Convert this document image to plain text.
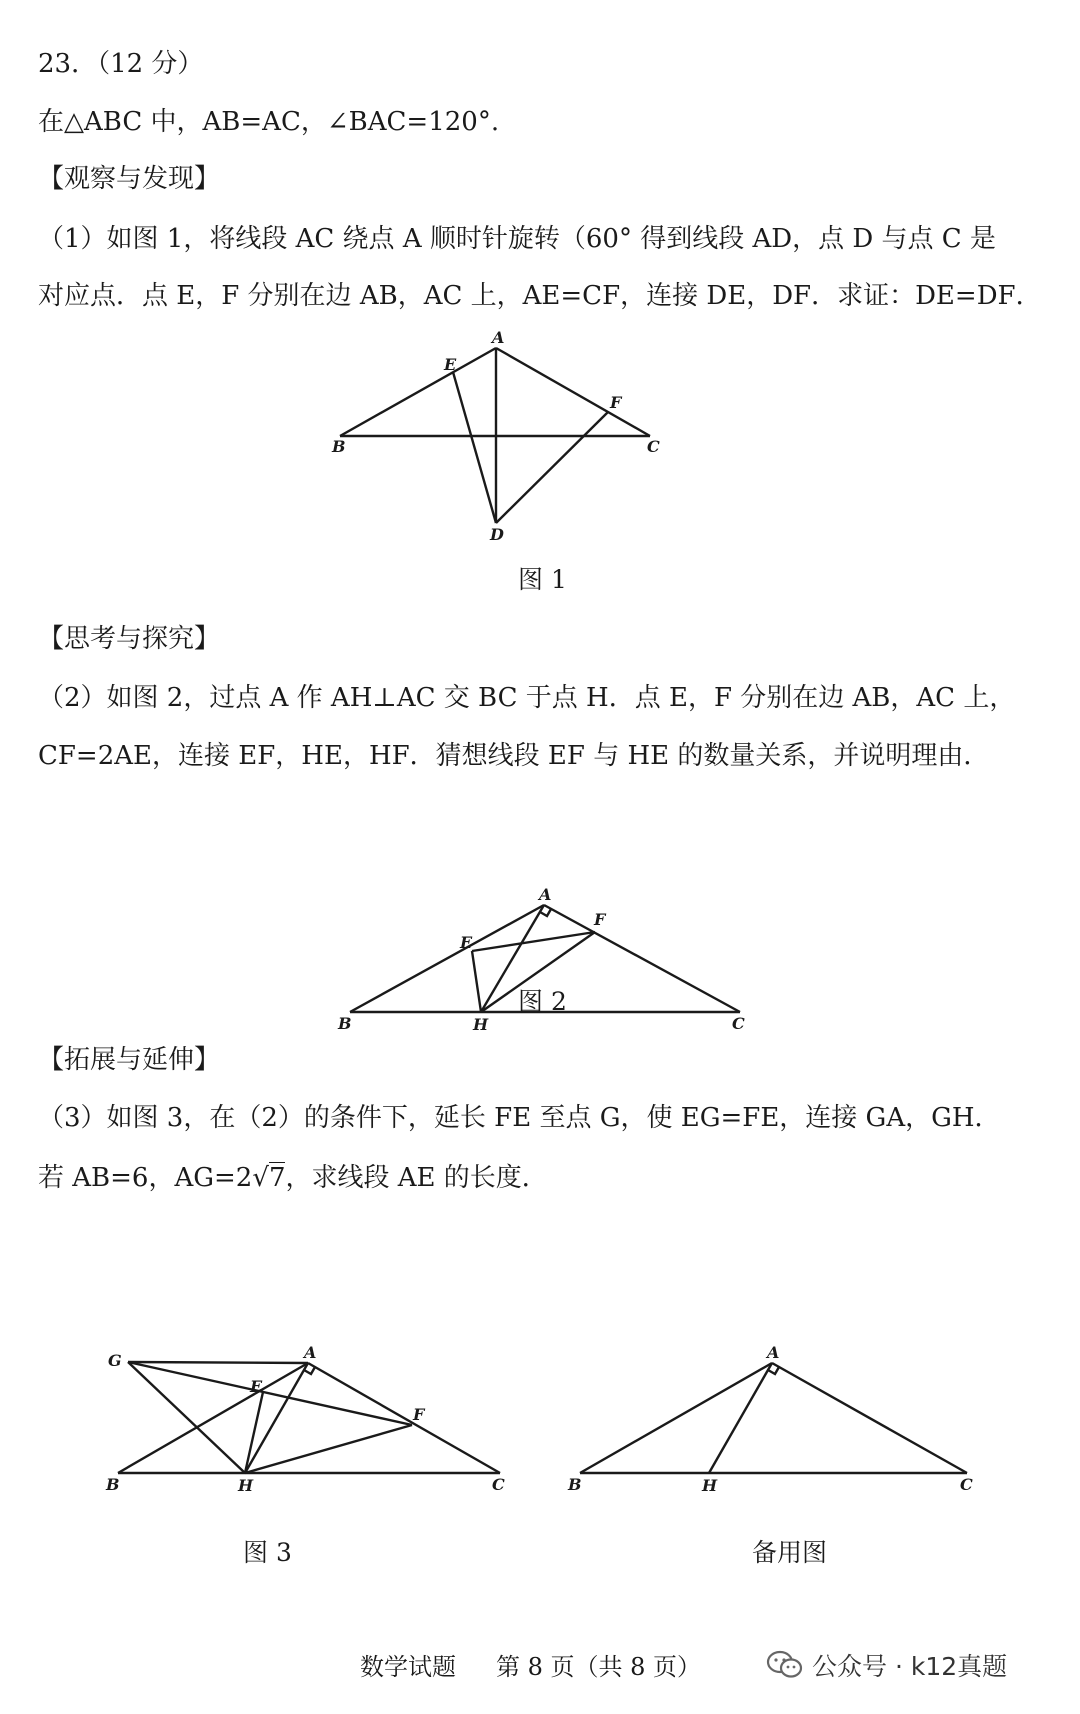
23．（12 分）
在△ABC 中，AB=AC，∠BAC=120°.
【观察与发现】
（1）如图 1，将线段 AC 绕点 A 顺时针旋转（60° 得到线段 AD，点 D 与点 C 是
对应点．点 E，F 分别在边 AB，AC 上，AE=CF，连接 DE，DF．求证：DE=DF．
A
B	C
D
E
F
图 1
【思考与探究】
（2）如图 2，过点 A 作 AH⊥AC 交 BC 于点 H．点 E，F 分别在边 AB，AC 上，
CF=2AE，连接 EF，HE，HF．猜想线段 EF 与 HE 的数量关系，并说明理由．
A
B	C
E
F
H
图 2
【拓展与延伸】
（3）如图 3，在（2）的条件下，延长 FE 至点 G，使 EG=FE，连接 GA，GH．
若 AB=6，AG=2√7，求线段 AE 的长度．
A
B	C
E
F
G
H
图 3
A
B	C
H
备用图
数学试题 第 8 页（共 8 页）	公众号 · k12真题
